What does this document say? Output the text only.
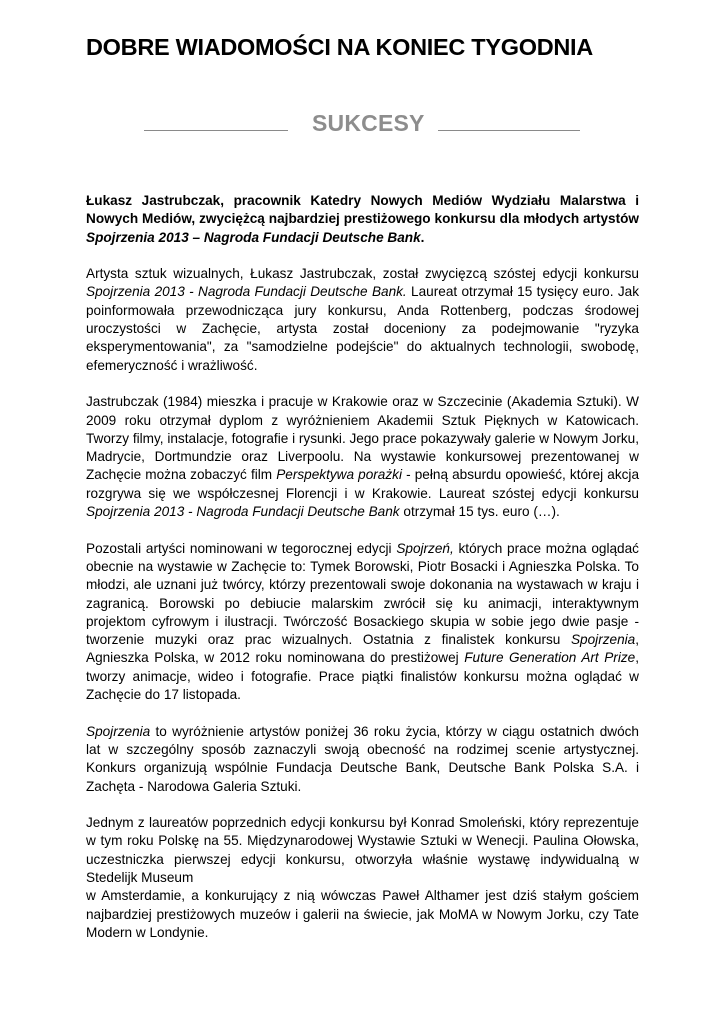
DOBRE WIADOMOŚCI NA KONIEC TYGODNIA
SUKCESY

Łukasz Jastrubczak, pracownik Katedry Nowych Mediów Wydziału Malarstwa i Nowych Mediów, zwyciężcą najbardziej prestiżowego konkursu dla młodych artystów Spojrzenia 2013 – Nagroda Fundacji Deutsche Bank.

Artysta sztuk wizualnych, Łukasz Jastrubczak, został zwycięzcą szóstej edycji konkursu Spojrzenia 2013 - Nagroda Fundacji Deutsche Bank. Laureat otrzymał 15 tysięcy euro. Jak poinformowała przewodnicząca jury konkursu, Anda Rottenberg, podczas środowej uroczystości w Zachęcie, artysta został doceniony za podejmowanie "ryzyka eksperymentowania", za "samodzielne podejście" do aktualnych technologii, swobodę, efemeryczność i wrażliwość.

Jastrubczak (1984) mieszka i pracuje w Krakowie oraz w Szczecinie (Akademia Sztuki). W 2009 roku otrzymał dyplom z wyróżnieniem Akademii Sztuk Pięknych w Katowicach. Tworzy filmy, instalacje, fotografie i rysunki. Jego prace pokazywały galerie w Nowym Jorku, Madrycie, Dortmundzie oraz Liverpoolu. Na wystawie konkursowej prezentowanej w Zachęcie można zobaczyć film Perspektywa porażki - pełną absurdu opowieść, której akcja rozgrywa się we współczesnej Florencji i w Krakowie. Laureat szóstej edycji konkursu Spojrzenia 2013 - Nagroda Fundacji Deutsche Bank otrzymał 15 tys. euro (…).

Pozostali artyści nominowani w tegorocznej edycji Spojrzeń, których prace można oglądać obecnie na wystawie w Zachęcie to: Tymek Borowski, Piotr Bosacki i Agnieszka Polska. To młodzi, ale uznani już twórcy, którzy prezentowali swoje dokonania na wystawach w kraju i zagranicą. Borowski po debiucie malarskim zwrócił się ku animacji, interaktywnym projektom cyfrowym i ilustracji. Twórczość Bosackiego skupia w sobie jego dwie pasje - tworzenie muzyki oraz prac wizualnych. Ostatnia z finalistek konkursu Spojrzenia, Agnieszka Polska, w 2012 roku nominowana do prestiżowej Future Generation Art Prize, tworzy animacje, wideo i fotografie. Prace piątki finalistów konkursu można oglądać w Zachęcie do 17 listopada.

Spojrzenia to wyróżnienie artystów poniżej 36 roku życia, którzy w ciągu ostatnich dwóch lat w szczególny sposób zaznaczyli swoją obecność na rodzimej scenie artystycznej. Konkurs organizują wspólnie Fundacja Deutsche Bank, Deutsche Bank Polska S.A. i Zachęta - Narodowa Galeria Sztuki.

Jednym z laureatów poprzednich edycji konkursu był Konrad Smoleński, który reprezentuje w tym roku Polskę na 55. Międzynarodowej Wystawie Sztuki w Wenecji. Paulina Ołowska, uczestniczka pierwszej edycji konkursu, otworzyła właśnie wystawę indywidualną w Stedelijk Museum
w Amsterdamie, a konkurujący z nią wówczas Paweł Althamer jest dziś stałym gościem najbardziej prestiżowych muzeów i galerii na świecie, jak MoMA w Nowym Jorku, czy Tate Modern w Londynie.
